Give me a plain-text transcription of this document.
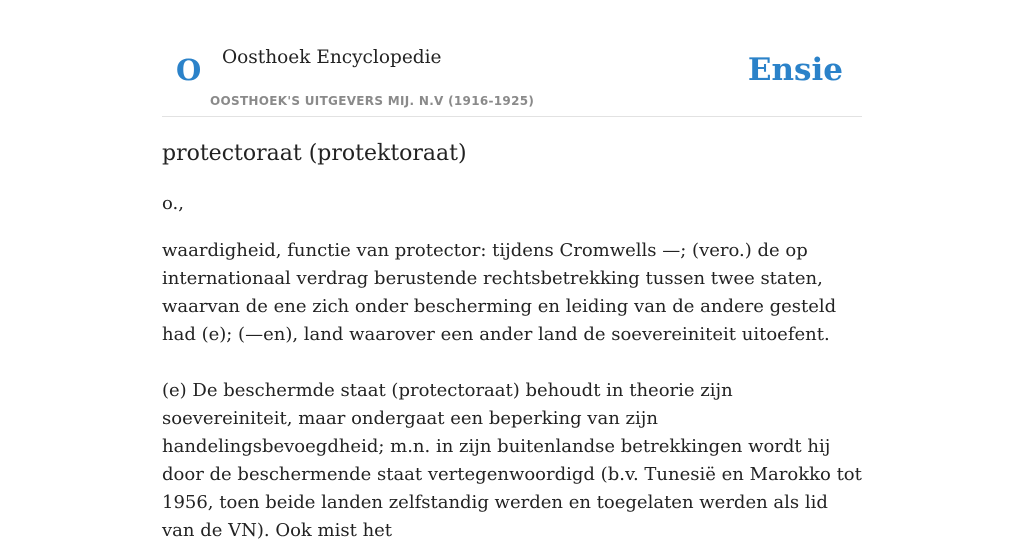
O Oosthoek Encyclopedie
OOSTHOEK'S UITGEVERS MIJ. N.V (1916-1925)
Ensie
protectoraat (protektoraat)

o.,

waardigheid, functie van protector: tijdens Cromwells —; (vero.) de op internationaal verdrag berustende rechtsbetrekking tussen twee staten, waarvan de ene zich onder bescherming en leiding van de andere gesteld had (e); (—en), land waarover een ander land de soevereiniteit uitoefent.

(e) De beschermde staat (protectoraat) behoudt in theorie zijn soevereiniteit, maar ondergaat een beperking van zijn handelingsbevoegdheid; m.n. in zijn buitenlandse betrekkingen wordt hij door de beschermende staat vertegenwoordigd (b.v. Tunesië en Marokko tot 1956, toen beide landen zelfstandig werden en toegelaten werden als lid van de VN). Ook mist het
